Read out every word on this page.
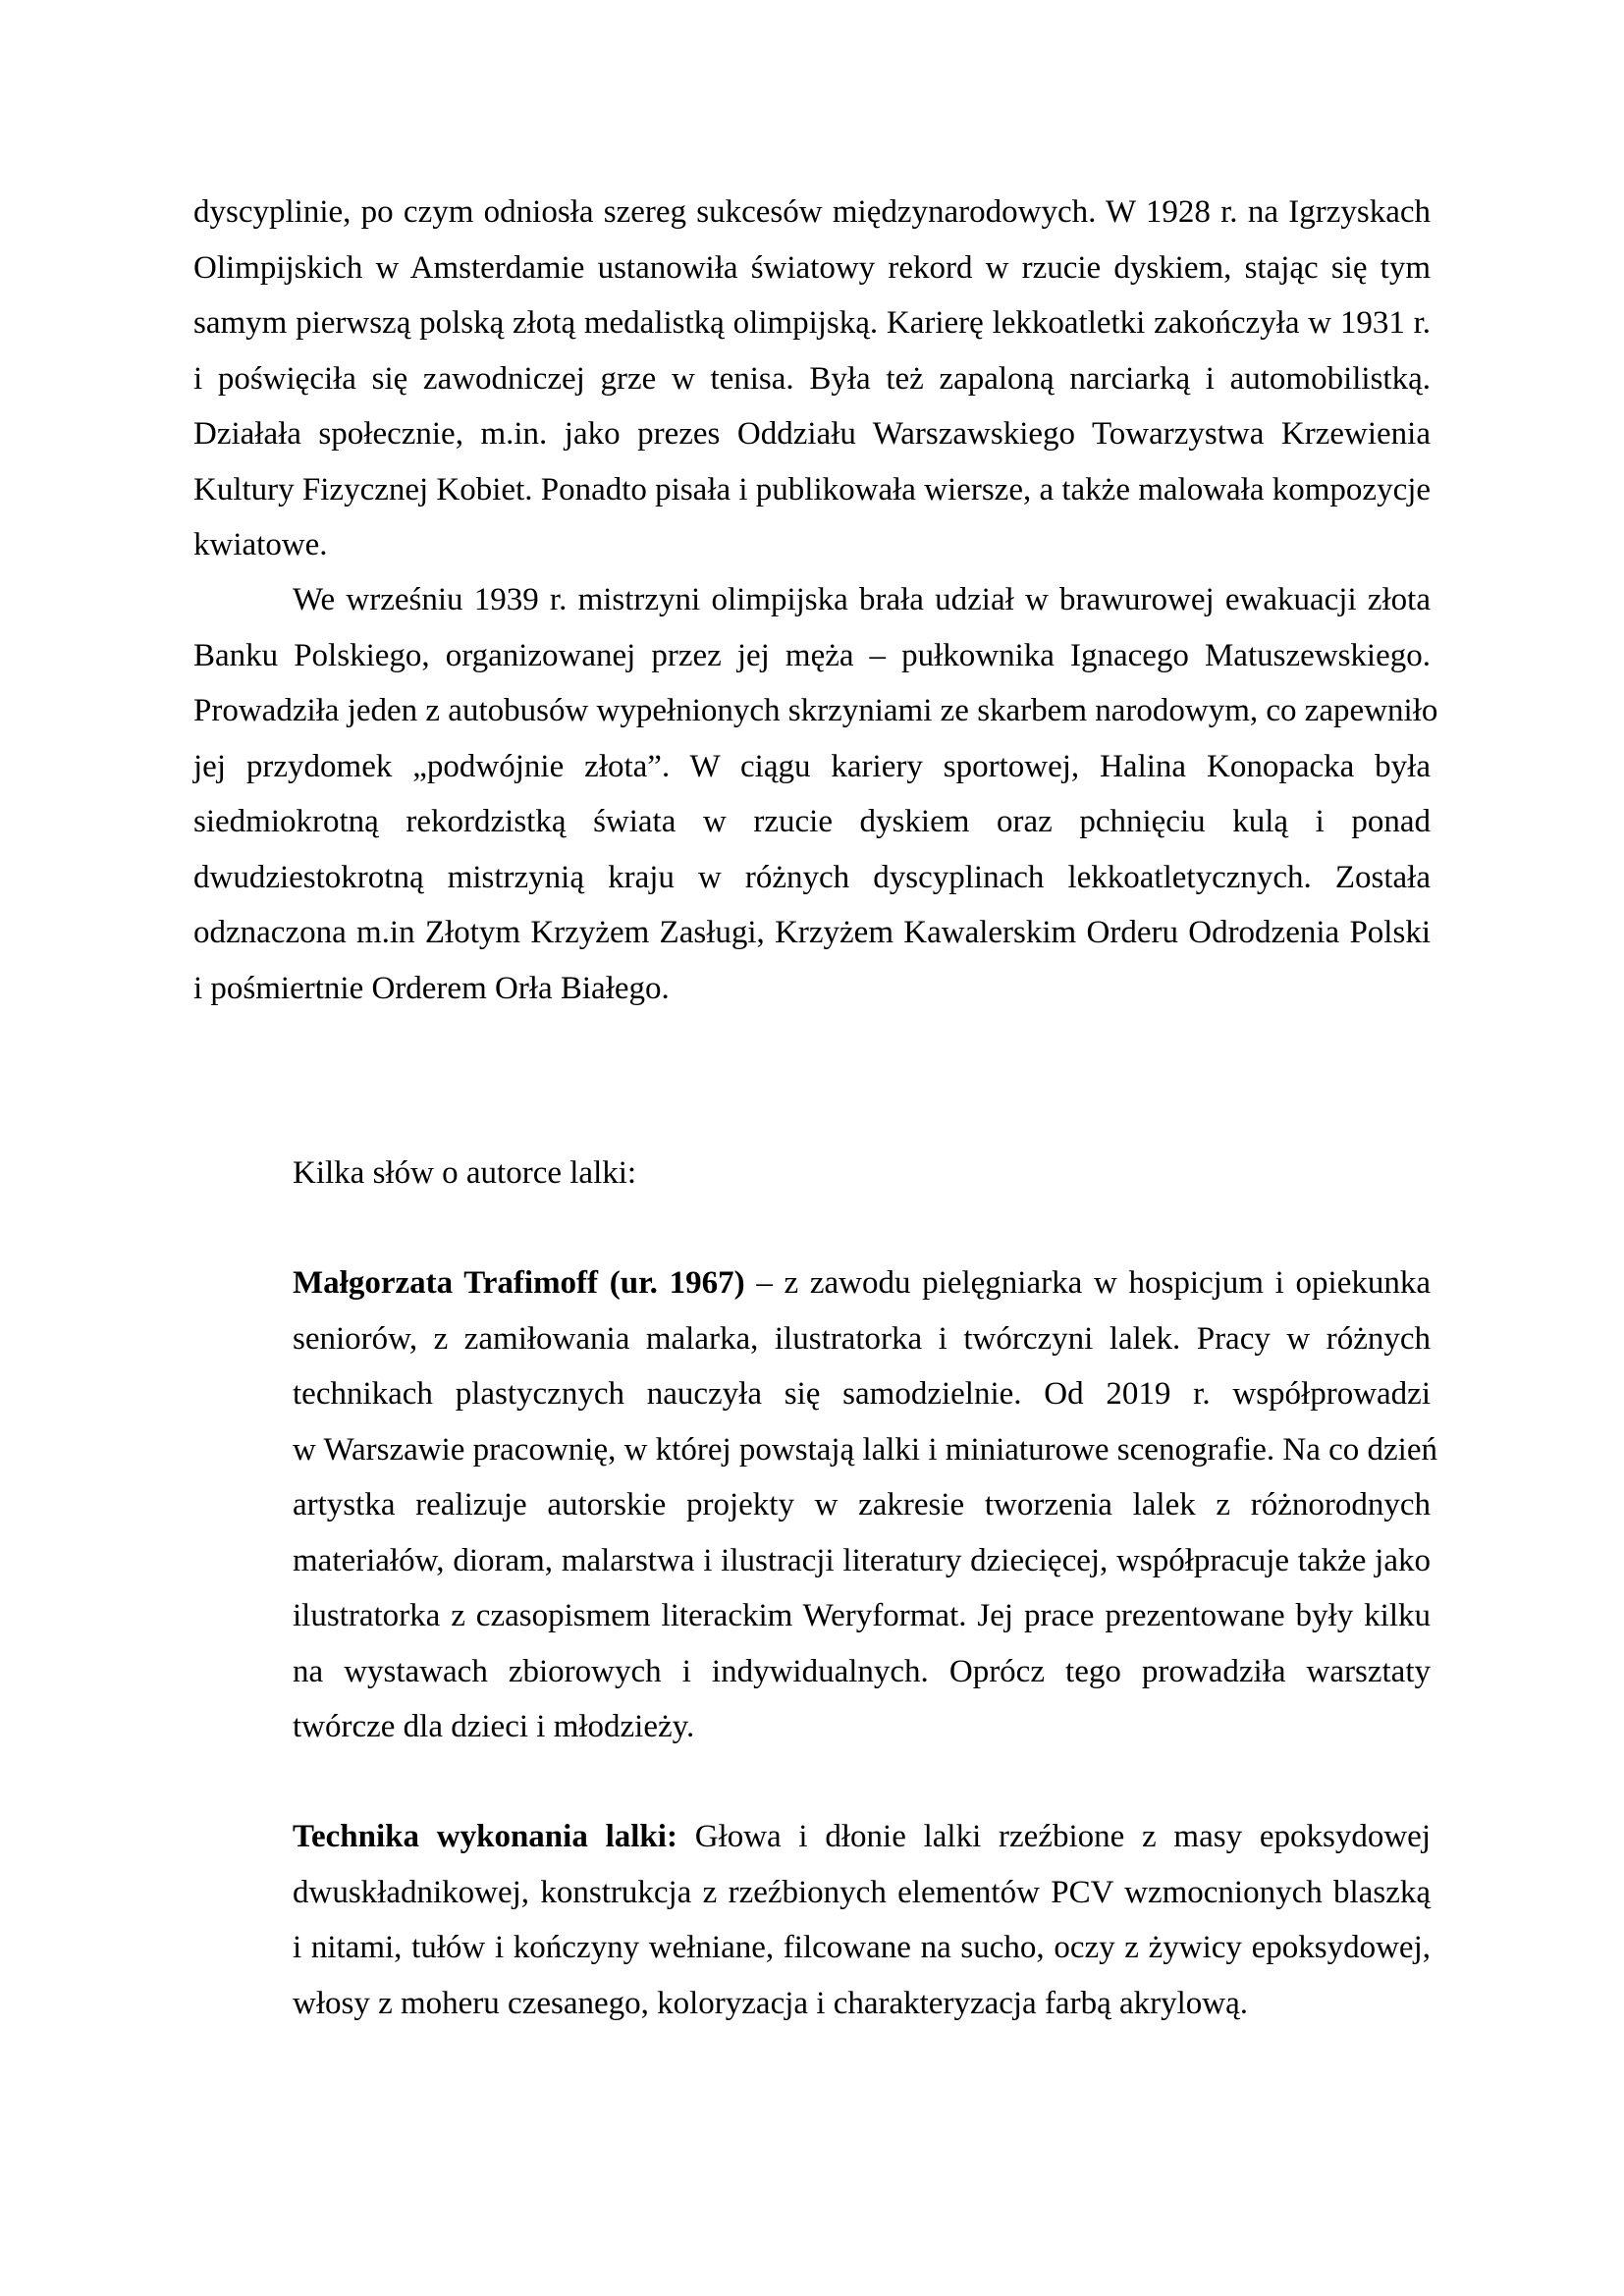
dyscyplinie, po czym odniosła szereg sukcesów międzynarodowych. W 1928 r. na Igrzyskach
Olimpijskich w Amsterdamie ustanowiła światowy rekord w rzucie dyskiem, stając się tym
samym pierwszą polską złotą medalistką olimpijską. Karierę lekkoatletki zakończyła w 1931 r.
i poświęciła się zawodniczej grze w tenisa. Była też zapaloną narciarką i automobilistką.
Działała społecznie, m.in. jako prezes Oddziału Warszawskiego Towarzystwa Krzewienia
Kultury Fizycznej Kobiet. Ponadto pisała i publikowała wiersze, a także malowała kompozycje
kwiatowe.
We wrześniu 1939 r. mistrzyni olimpijska brała udział w brawurowej ewakuacji złota
Banku Polskiego, organizowanej przez jej męża – pułkownika Ignacego Matuszewskiego.
Prowadziła jeden z autobusów wypełnionych skrzyniami ze skarbem narodowym, co zapewniło
jej przydomek „podwójnie złota”. W ciągu kariery sportowej, Halina Konopacka była
siedmiokrotną rekordzistką świata w rzucie dyskiem oraz pchnięciu kulą i ponad
dwudziestokrotną mistrzynią kraju w różnych dyscyplinach lekkoatletycznych. Została
odznaczona m.in Złotym Krzyżem Zasługi, Krzyżem Kawalerskim Orderu Odrodzenia Polski
i pośmiertnie Orderem Orła Białego.
Kilka słów o autorce lalki:
Małgorzata Trafimoff (ur. 1967) – z zawodu pielęgniarka w hospicjum i opiekunka
seniorów, z zamiłowania malarka, ilustratorka i twórczyni lalek. Pracy w różnych
technikach plastycznych nauczyła się samodzielnie. Od 2019 r. współprowadzi
w Warszawie pracownię, w której powstają lalki i miniaturowe scenografie. Na co dzień
artystka realizuje autorskie projekty w zakresie tworzenia lalek z różnorodnych
materiałów, dioram, malarstwa i ilustracji literatury dziecięcej, współpracuje także jako
ilustratorka z czasopismem literackim Weryformat. Jej prace prezentowane były kilku
na wystawach zbiorowych i indywidualnych. Oprócz tego prowadziła warsztaty
twórcze dla dzieci i młodzieży.
Technika wykonania lalki: Głowa i dłonie lalki rzeźbione z masy epoksydowej
dwuskładnikowej, konstrukcja z rzeźbionych elementów PCV wzmocnionych blaszką
i nitami, tułów i kończyny wełniane, filcowane na sucho, oczy z żywicy epoksydowej,
włosy z moheru czesanego, koloryzacja i charakteryzacja farbą akrylową.
